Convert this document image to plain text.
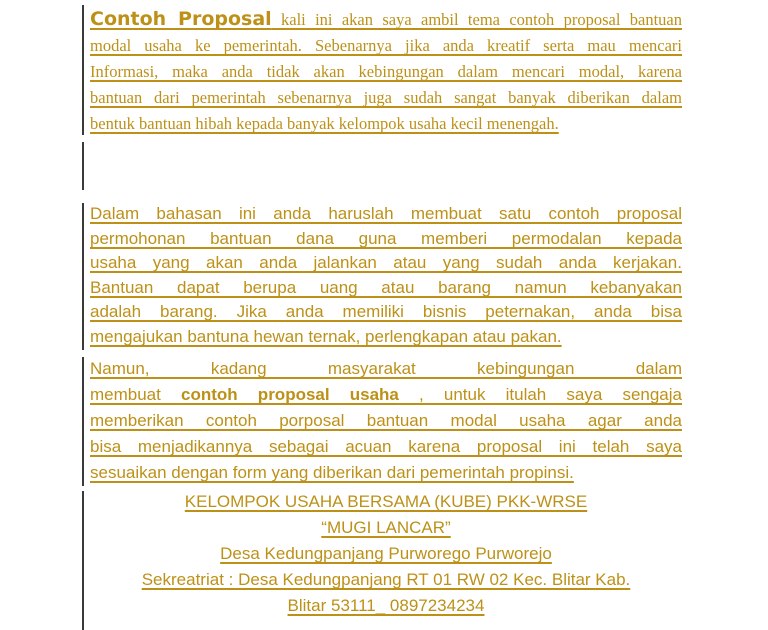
Contoh Proposal kali ini akan saya ambil tema contoh proposal bantuan
modal usaha ke pemerintah. Sebenarnya jika anda kreatif serta mau mencari
Informasi, maka anda tidak akan kebingungan dalam mencari modal, karena
bantuan dari pemerintah sebenarnya juga sudah sangat banyak diberikan dalam
bentuk bantuan hibah kepada banyak kelompok usaha kecil menengah.
Dalam bahasan ini anda haruslah membuat satu contoh proposal
permohonan bantuan dana guna memberi permodalan kepada
usaha yang akan anda jalankan atau yang sudah anda kerjakan.
Bantuan dapat berupa uang atau barang namun kebanyakan
adalah barang. Jika anda memiliki bisnis peternakan, anda bisa
mengajukan bantuna hewan ternak, perlengkapan atau pakan.
Namun, kadang masyarakat kebingungan dalam
membuat contoh proposal usaha , untuk itulah saya sengaja
memberikan contoh porposal bantuan modal usaha agar anda
bisa menjadikannya sebagai acuan karena proposal ini telah saya
sesuaikan dengan form yang diberikan dari pemerintah propinsi.
KELOMPOK USAHA BERSAMA (KUBE) PKK-WRSE
“MUGI LANCAR”
Desa Kedungpanjang Purworego Purworejo
Sekreatriat : Desa Kedungpanjang RT 01 RW 02 Kec. Blitar Kab.
Blitar 53111_ 0897234234
